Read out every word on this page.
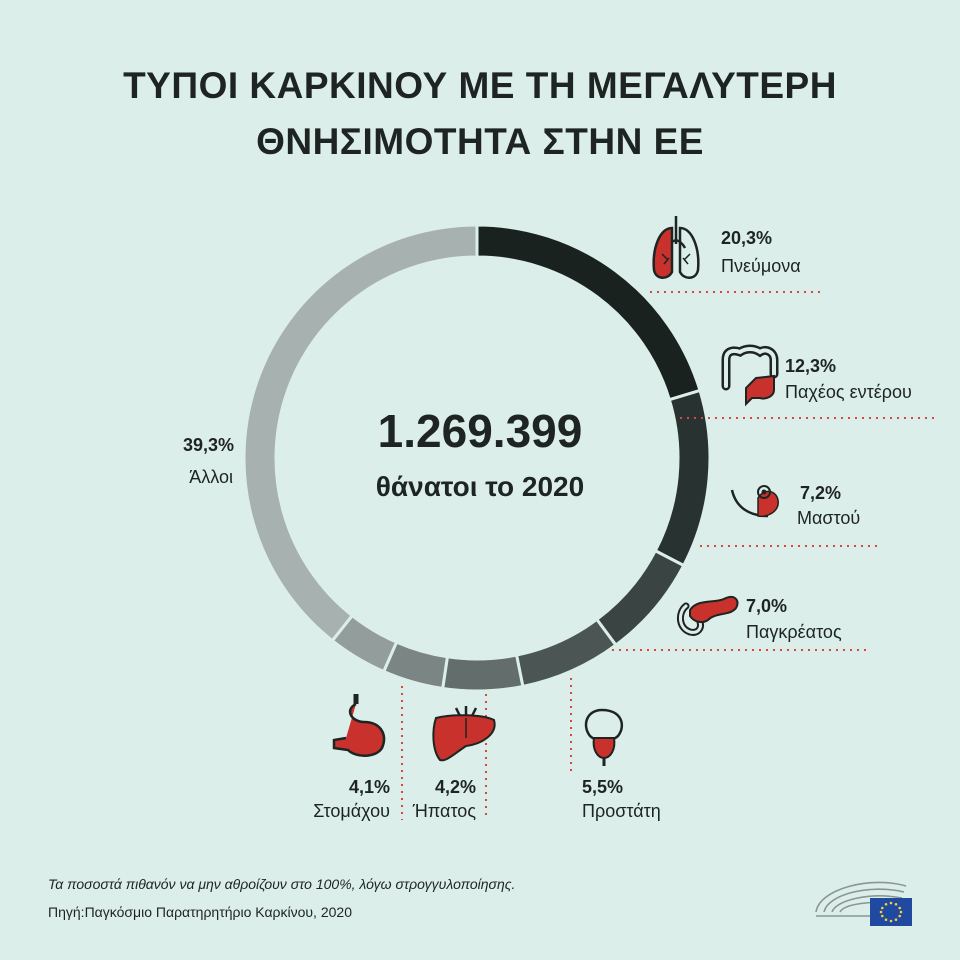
ΤΥΠΟΙ ΚΑΡΚΙΝΟΥ ΜΕ ΤΗ ΜΕΓΑΛΥΤΕΡΗ
ΘΝΗΣΙΜΟΤΗΤΑ ΣΤΗΝ ΕΕ
1.269.399
θάνατοι το 2020
20,3%
Πνεύμονα
12,3%
Παχέος εντέρου
7,2%
Μαστού
7,0%
Παγκρέατος
5,5%
Προστάτη
4,2%
Ήπατος
4,1%
Στομάχου
39,3%
Άλλοι
Τα ποσοστά πιθανόν να μην αθροίζουν στο 100%, λόγω στρογγυλοποίησης.
Πηγή:Παγκόσμιο Παρατηρητήριο Καρκίνου, 2020
